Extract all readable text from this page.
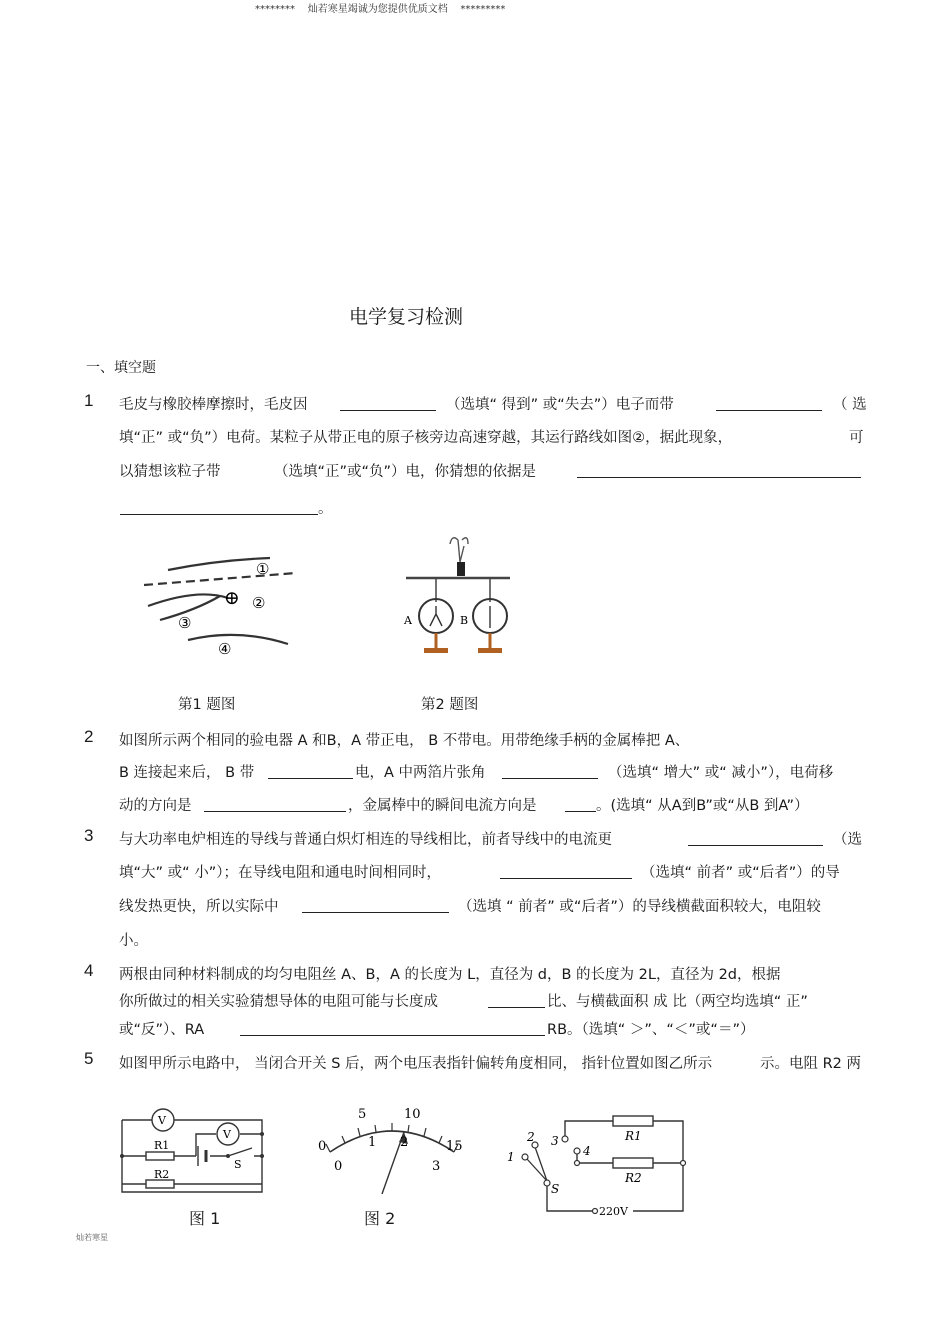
********    灿若寒星竭诚为您提供优质文档    *********
电学复习检测
一、填空题
1 毛皮与橡胶棒摩擦时，毛皮因	（选填“ 得到” 或“失去”）电子而带	（ 选
填“正” 或“负”）电荷。某粒子从带正电的原子核旁边高速穿越，其运行路线如图②，据此现象，	可
以猜想该粒子带	（选填“正”或“负”）电，你猜想的依据是
。
①
②
③
④
⊕
A	B
第1 题图	第2 题图
2 如图所示两个相同的验电器 A 和B，A 带正电， B 不带电。用带绝缘手柄的金属棒把 A、
B 连接起来后， B 带	电，A 中两箔片张角	（选填“ 增大” 或“ 减小”），电荷移
动的方向是	，金属棒中的瞬间电流方向是	。(选填“ 从A到B”或“从B 到A”）
3 与大功率电炉相连的导线与普通白炽灯相连的导线相比，前者导线中的电流更	（选
填“大” 或“ 小”）；在导线电阻和通电时间相同时，	（选填“ 前者” 或“后者”）的导
线发热更快，所以实际中	（选填 “ 前者” 或“后者”）的导线横截面积较大，电阻较
小。
4 两根由同种材料制成的均匀电阻丝 A、B，A 的长度为 L，直径为 d，B 的长度为 2L，直径为 2d，根据
你所做过的相关实验猜想导体的电阻可能与长度成	比、与横截面积 成 比（两空均选填“ 正”
或“反”）、RA	RB。（选填“ ＞”、“＜”或“＝”）
5 如图甲所示电路中， 当闭合开关 S 后，两个电压表指针偏转角度相同， 指针位置如图乙所示	示。电阻 R2 两
V
V
R1
R2
S
图 1
0
5	10
15
0
1 2
3
图 2
1
2 3
4
S
R1
R2
220V
灿若寒星
